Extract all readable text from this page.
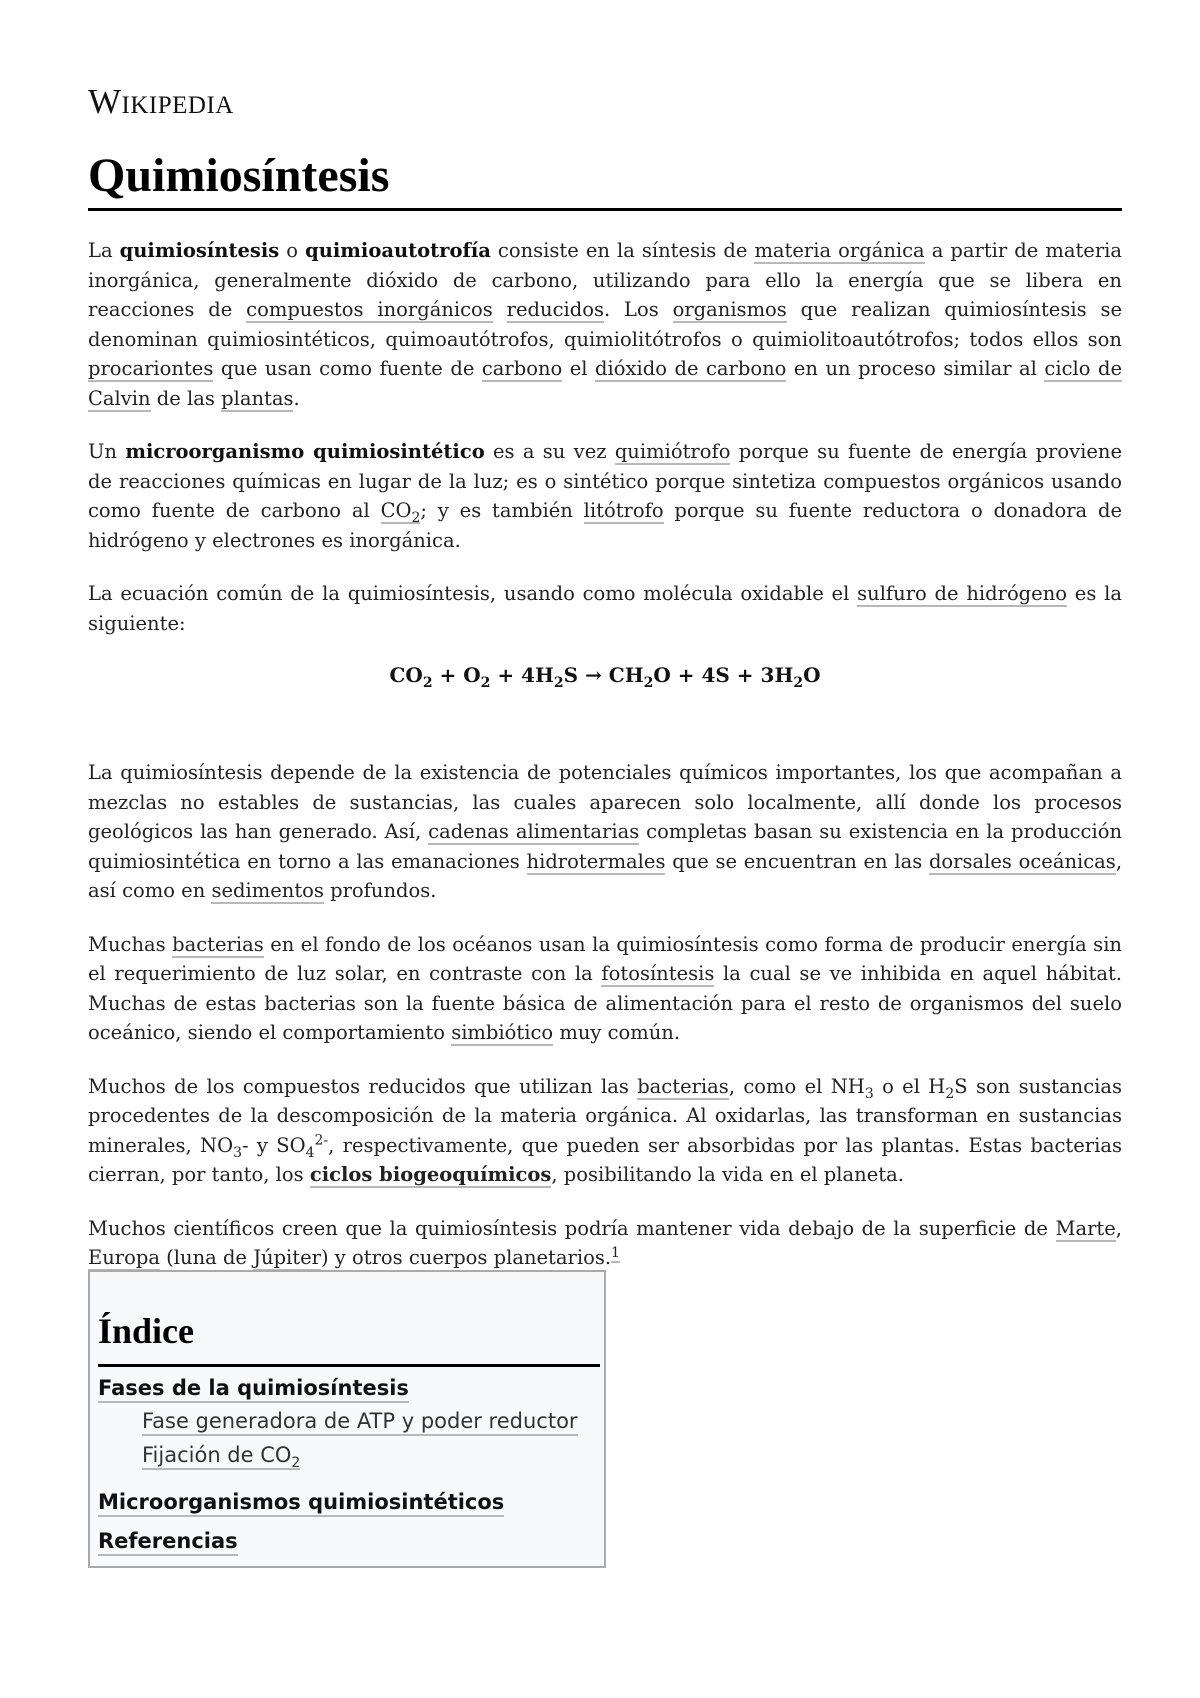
Wikipedia
Quimiosíntesis

La quimiosíntesis o quimioautotrofía consiste en la síntesis de materia orgánica a partir de materia inorgánica, generalmente dióxido de carbono, utilizando para ello la energía que se libera en reacciones de compuestos inorgánicos reducidos. Los organismos que realizan quimiosíntesis se denominan quimiosintéticos, quimoautótrofos, quimiolitótrofos o quimiolitoautótrofos; todos ellos son procariontes que usan como fuente de carbono el dióxido de carbono en un proceso similar al ciclo de Calvin de las plantas.

Un microorganismo quimiosintético es a su vez quimiótrofo porque su fuente de energía proviene de reacciones químicas en lugar de la luz; es o sintético porque sintetiza compuestos orgánicos usando como fuente de carbono al $CO_2$; y es también litótrofo porque su fuente reductora o donadora de hidrógeno y electrones es inorgánica.

La ecuación común de la quimiosíntesis, usando como molécula oxidable el sulfuro de hidrógeno es la siguiente:

$CO_2 + O_2 + 4H_2S \to CH_2O + 4S + 3H_2O$

La quimiosíntesis depende de la existencia de potenciales químicos importantes, los que acompañan a mezclas no estables de sustancias, las cuales aparecen solo localmente, allí donde los procesos geológicos las han generado. Así, cadenas alimentarias completas basan su existencia en la producción quimiosintética en torno a las emanaciones hidrotermales que se encuentran en las dorsales oceánicas, así como en sedimentos profundos.

Muchas bacterias en el fondo de los océanos usan la quimiosíntesis como forma de producir energía sin el requerimiento de luz solar, en contraste con la fotosíntesis la cual se ve inhibida en aquel hábitat. Muchas de estas bacterias son la fuente básica de alimentación para el resto de organismos del suelo oceánico, siendo el comportamiento simbiótico muy común.

Muchos de los compuestos reducidos que utilizan las bacterias, como el $NH_3$ o el $H_2S$ son sustancias procedentes de la descomposición de la materia orgánica. Al oxidarlas, las transforman en sustancias minerales, $NO_3-$ y $SO_4^{2-}$, respectivamente, que pueden ser absorbidas por las plantas. Estas bacterias cierran, por tanto, los ciclos biogeoquímicos, posibilitando la vida en el planeta.

Muchos científicos creen que la quimiosíntesis podría mantener vida debajo de la superficie de Marte, Europa (luna de Júpiter) y otros cuerpos planetarios.$^1$

Índice
Fases de la quimiosíntesis
Fase generadora de ATP y poder reductor
Fijación de $CO_2$
Microorganismos quimiosintéticos
Referencias
